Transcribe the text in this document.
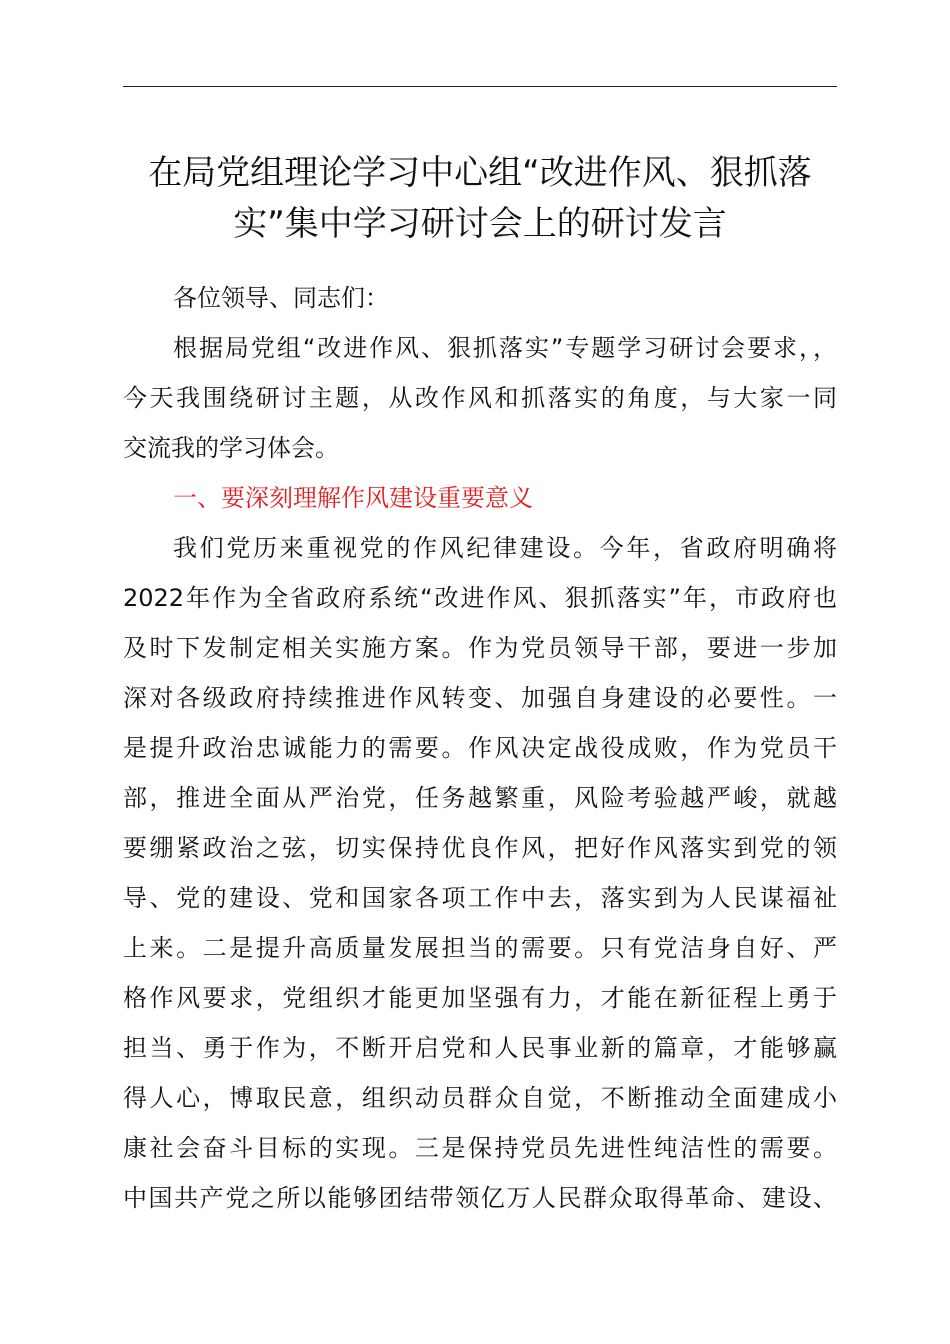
在局党组理论学习中心组“改进作风、狠抓落
实”集中学习研讨会上的研讨发言
各位领导、同志们：
根据局党组“改进作风、狠抓落实”专题学习研讨会要求，，
今天我围绕研讨主题，从改作风和抓落实的角度，与大家一同
交流我的学习体会。
一、要深刻理解作风建设重要意义
我们党历来重视党的作风纪律建设。今年，省政府明确将
2022年作为全省政府系统“改进作风、狠抓落实”年，市政府也
及时下发制定相关实施方案。作为党员领导干部，要进一步加
深对各级政府持续推进作风转变、加强自身建设的必要性。一
是提升政治忠诚能力的需要。作风决定战役成败，作为党员干
部，推进全面从严治党，任务越繁重，风险考验越严峻，就越
要绷紧政治之弦，切实保持优良作风，把好作风落实到党的领
导、党的建设、党和国家各项工作中去，落实到为人民谋福祉
上来。二是提升高质量发展担当的需要。只有党洁身自好、严
格作风要求，党组织才能更加坚强有力，才能在新征程上勇于
担当、勇于作为，不断开启党和人民事业新的篇章，才能够赢
得人心，博取民意，组织动员群众自觉，不断推动全面建成小
康社会奋斗目标的实现。三是保持党员先进性纯洁性的需要。
中国共产党之所以能够团结带领亿万人民群众取得革命、建设、
